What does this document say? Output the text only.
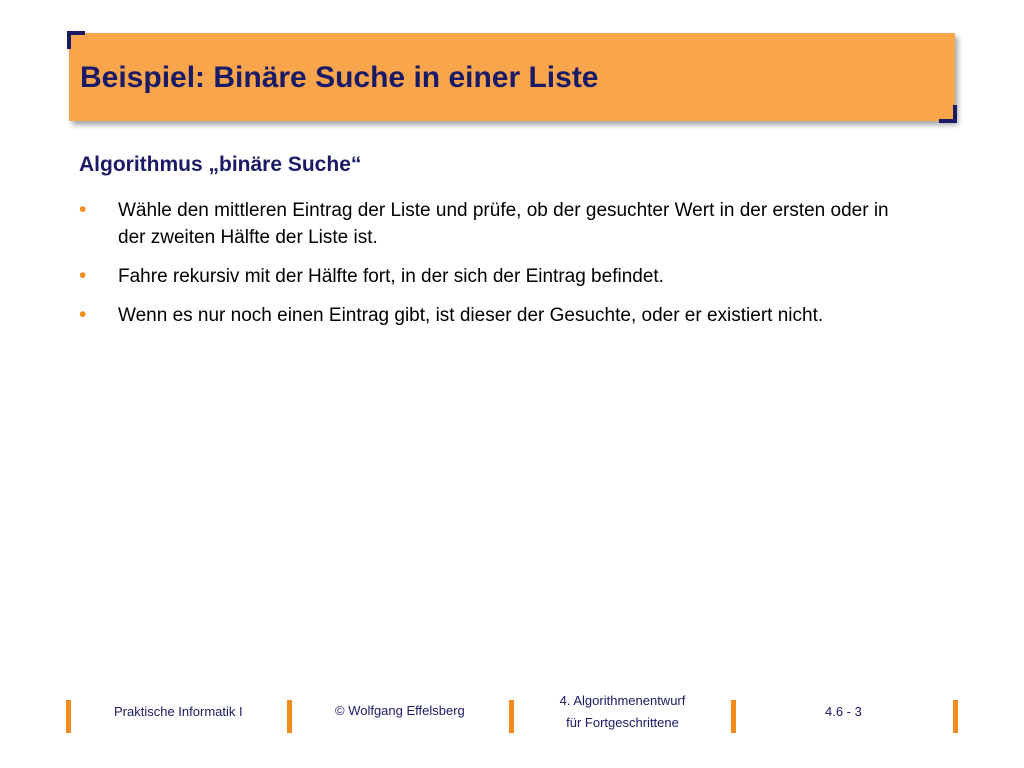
Beispiel: Binäre Suche in einer Liste
Algorithmus „binäre Suche“
• Wähle den mittleren Eintrag der Liste und prüfe, ob der gesuchter Wert in der ersten oder in der zweiten Hälfte der Liste ist.
• Fahre rekursiv mit der Hälfte fort, in der sich der Eintrag befindet.
• Wenn es nur noch einen Eintrag gibt, ist dieser der Gesuchte, oder er existiert nicht.
Praktische Informatik I	© Wolfgang Effelsberg
4. Algorithmenentwurf
für Fortgeschrittene
4.6 - 3
